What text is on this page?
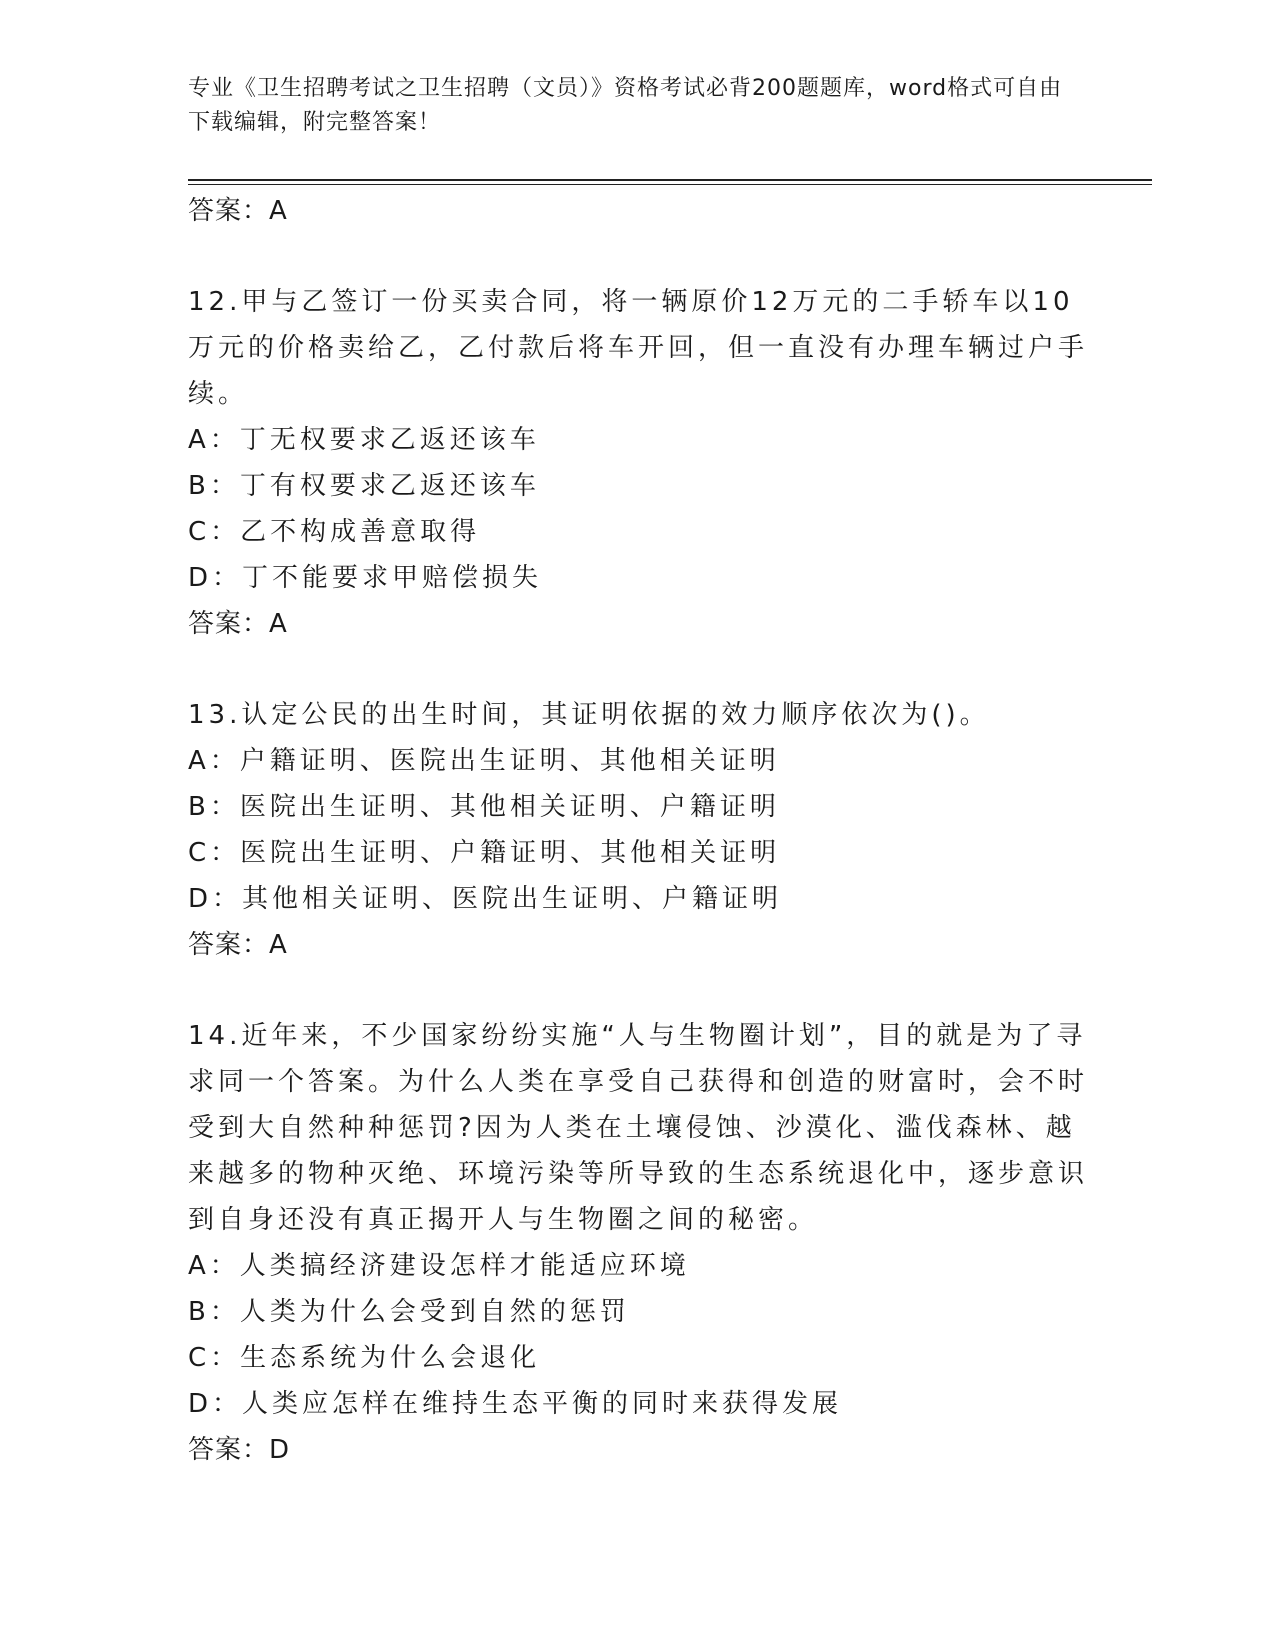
专业《卫生招聘考试之卫生招聘（文员）》资格考试必背200题题库，word格式可自由下载编辑，附完整答案！

答案：A

12.甲与乙签订一份买卖合同，将一辆原价12万元的二手轿车以10万元的价格卖给乙，乙付款后将车开回，但一直没有办理车辆过户手续。

A：丁无权要求乙返还该车

B：丁有权要求乙返还该车

C：乙不构成善意取得

D：丁不能要求甲赔偿损失

答案：A

13.认定公民的出生时间，其证明依据的效力顺序依次为()。

A：户籍证明、医院出生证明、其他相关证明

B：医院出生证明、其他相关证明、户籍证明

C：医院出生证明、户籍证明、其他相关证明

D：其他相关证明、医院出生证明、户籍证明

答案：A

14.近年来，不少国家纷纷实施“人与生物圈计划”，目的就是为了寻求同一个答案。为什么人类在享受自己获得和创造的财富时，会不时受到大自然种种惩罚?因为人类在土壤侵蚀、沙漠化、滥伐森林、越来越多的物种灭绝、环境污染等所导致的生态系统退化中，逐步意识到自身还没有真正揭开人与生物圈之间的秘密。

A：人类搞经济建设怎样才能适应环境

B：人类为什么会受到自然的惩罚

C：生态系统为什么会退化

D：人类应怎样在维持生态平衡的同时来获得发展

答案：D
